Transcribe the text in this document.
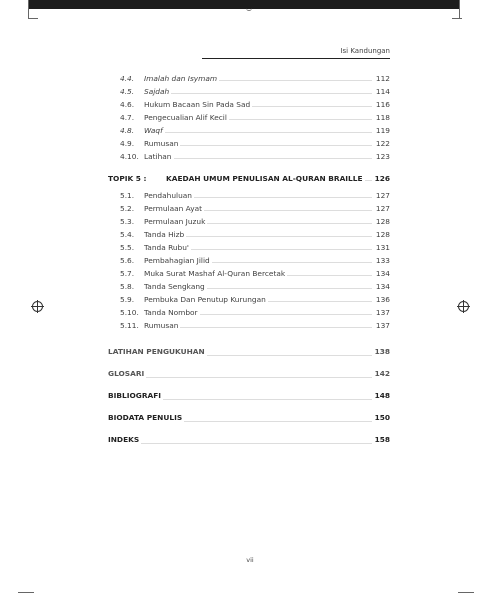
Isi Kandungan
4.4.	Imalah dan Isymam	112
4.5.	Sajdah	114
4.6.	Hukum Bacaan Sin Pada Sad	116
4.7.	Pengecualian Alif Kecil	118
4.8.	Waqf	119
4.9.	Rumusan	122
4.10. Latihan	123
TOPIK 5 :	KAEDAH UMUM PENULISAN AL-QURAN BRAILLE 126
5.1.	Pendahuluan	127
5.2.	Permulaan Ayat	127
5.3.	Permulaan Juzuk	128
5.4.	Tanda Hizb	128
5.5.	Tanda Rubu'	131
5.6.	Pembahagian Jilid	133
5.7.	Muka Surat Mashaf Al-Quran Bercetak	134
5.8.	Tanda Sengkang	134
5.9.	Pembuka Dan Penutup Kurungan	136
5.10. Tanda Nombor	137
5.11. Rumusan	137
LATIHAN PENGUKUHAN	138
GLOSARI	142
BIBLIOGRAFI	148
BIODATA PENULIS	150
INDEKS	158
vii
